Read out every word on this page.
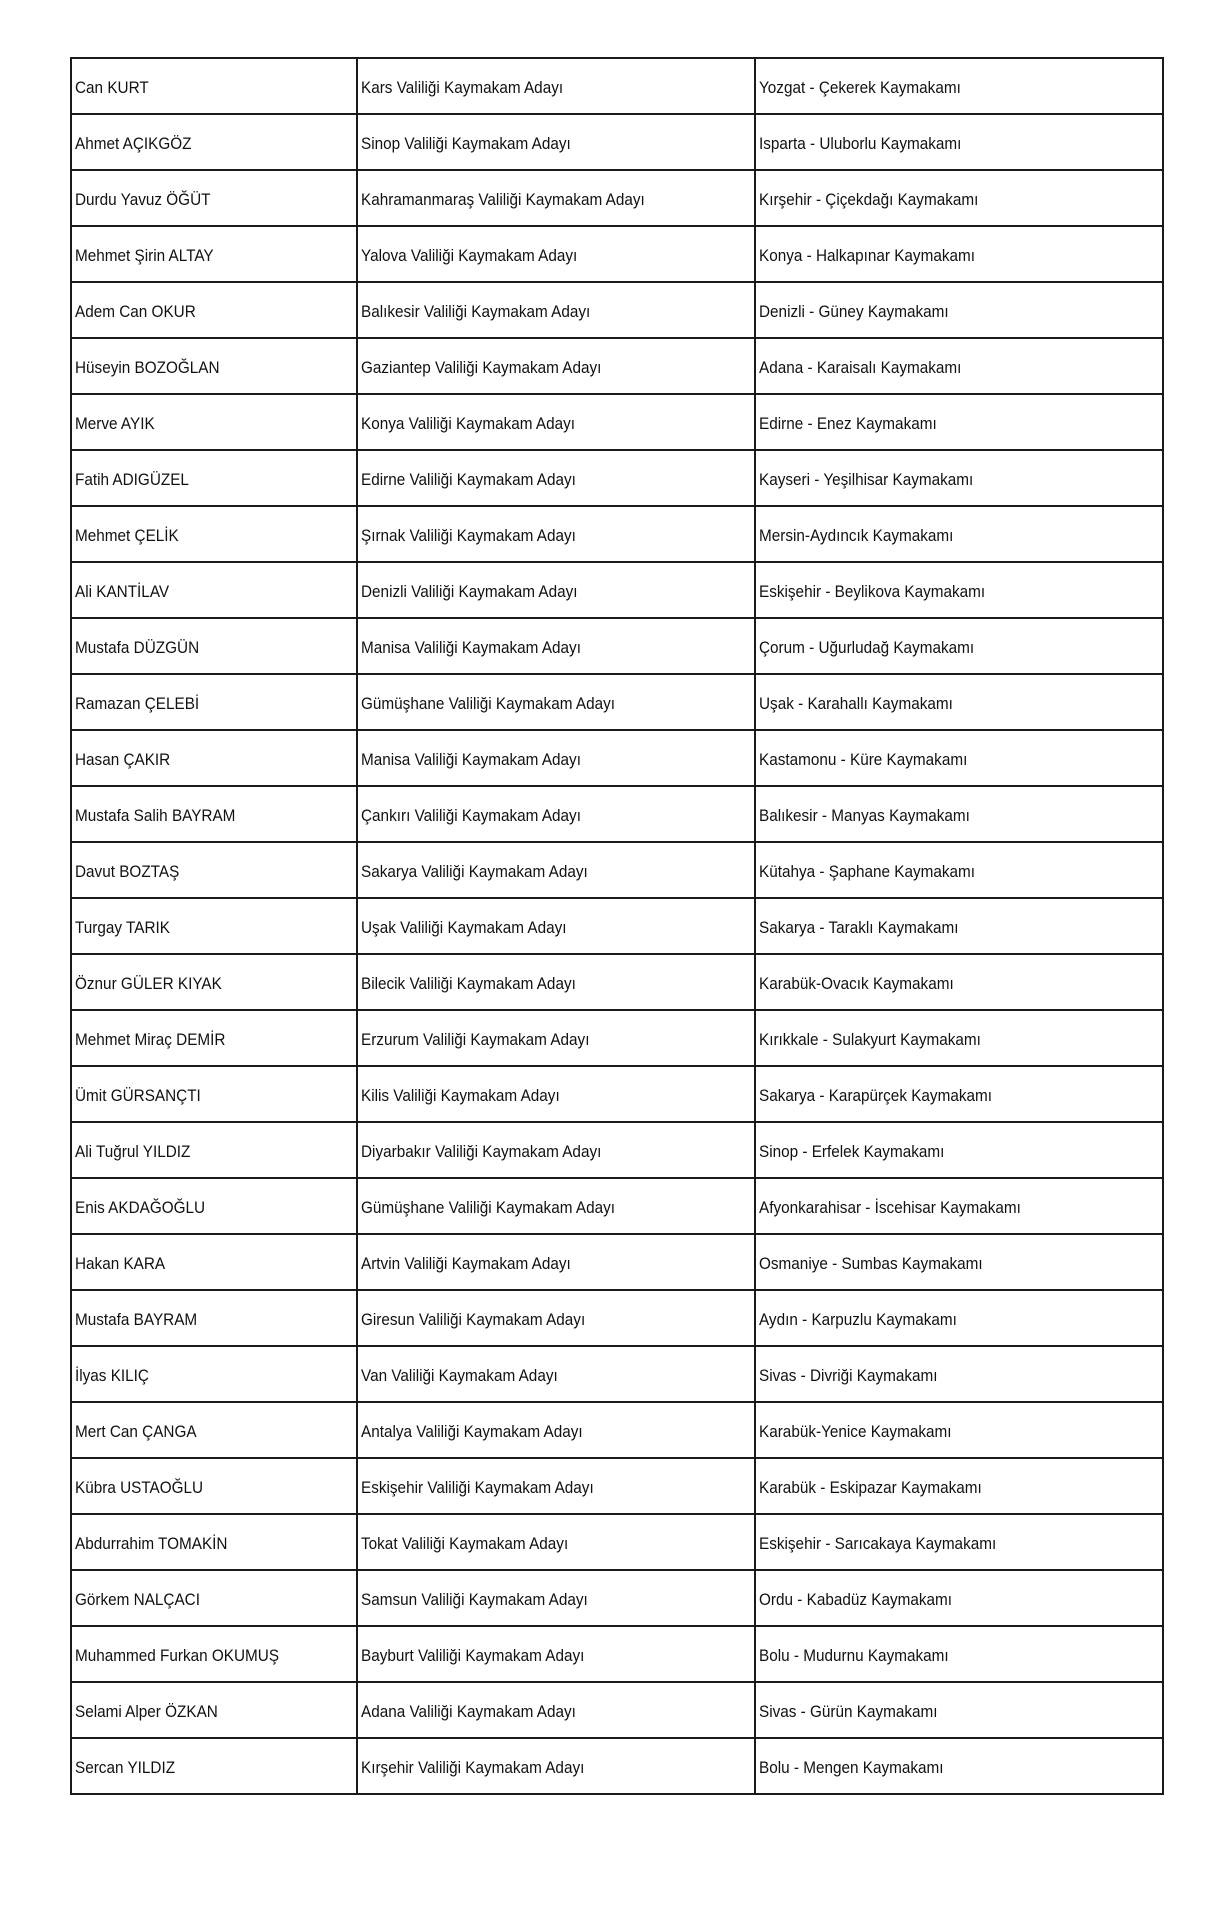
Can KURT	Kars Valiliği Kaymakam Adayı	Yozgat - Çekerek Kaymakamı
Ahmet AÇIKGÖZ	Sinop Valiliği Kaymakam Adayı	Isparta - Uluborlu Kaymakamı
Durdu Yavuz ÖĞÜT	Kahramanmaraş Valiliği Kaymakam Adayı	Kırşehir - Çiçekdağı Kaymakamı
Mehmet Şirin ALTAY	Yalova Valiliği Kaymakam Adayı	Konya - Halkapınar Kaymakamı
Adem Can OKUR	Balıkesir Valiliği Kaymakam Adayı	Denizli - Güney Kaymakamı
Hüseyin BOZOĞLAN	Gaziantep Valiliği Kaymakam Adayı	Adana - Karaisalı Kaymakamı
Merve AYIK	Konya Valiliği Kaymakam Adayı	Edirne - Enez Kaymakamı
Fatih ADIGÜZEL	Edirne Valiliği Kaymakam Adayı	Kayseri - Yeşilhisar Kaymakamı
Mehmet ÇELİK	Şırnak Valiliği Kaymakam Adayı	Mersin-Aydıncık Kaymakamı
Ali KANTİLAV	Denizli Valiliği Kaymakam Adayı	Eskişehir - Beylikova Kaymakamı
Mustafa DÜZGÜN	Manisa Valiliği Kaymakam Adayı	Çorum - Uğurludağ Kaymakamı
Ramazan ÇELEBİ	Gümüşhane Valiliği Kaymakam Adayı	Uşak - Karahallı Kaymakamı
Hasan ÇAKIR	Manisa Valiliği Kaymakam Adayı	Kastamonu - Küre Kaymakamı
Mustafa Salih BAYRAM	Çankırı Valiliği Kaymakam Adayı	Balıkesir - Manyas Kaymakamı
Davut BOZTAŞ	Sakarya Valiliği Kaymakam Adayı	Kütahya - Şaphane Kaymakamı
Turgay TARIK	Uşak Valiliği Kaymakam Adayı	Sakarya - Taraklı Kaymakamı
Öznur GÜLER KIYAK	Bilecik Valiliği Kaymakam Adayı	Karabük-Ovacık Kaymakamı
Mehmet Miraç DEMİR	Erzurum Valiliği Kaymakam Adayı	Kırıkkale - Sulakyurt Kaymakamı
Ümit GÜRSANÇTI	Kilis Valiliği Kaymakam Adayı	Sakarya - Karapürçek Kaymakamı
Ali Tuğrul YILDIZ	Diyarbakır Valiliği Kaymakam Adayı	Sinop - Erfelek Kaymakamı
Enis AKDAĞOĞLU	Gümüşhane Valiliği Kaymakam Adayı	Afyonkarahisar - İscehisar Kaymakamı
Hakan KARA	Artvin Valiliği Kaymakam Adayı	Osmaniye - Sumbas Kaymakamı
Mustafa BAYRAM	Giresun Valiliği Kaymakam Adayı	Aydın - Karpuzlu Kaymakamı
İlyas KILIÇ	Van Valiliği Kaymakam Adayı	Sivas - Divriği Kaymakamı
Mert Can ÇANGA	Antalya Valiliği Kaymakam Adayı	Karabük-Yenice Kaymakamı
Kübra USTAOĞLU	Eskişehir Valiliği Kaymakam Adayı	Karabük - Eskipazar Kaymakamı
Abdurrahim TOMAKİN	Tokat Valiliği Kaymakam Adayı	Eskişehir - Sarıcakaya Kaymakamı
Görkem NALÇACI	Samsun Valiliği Kaymakam Adayı	Ordu - Kabadüz Kaymakamı
Muhammed Furkan OKUMUŞ	Bayburt Valiliği Kaymakam Adayı	Bolu - Mudurnu Kaymakamı
Selami Alper ÖZKAN	Adana Valiliği Kaymakam Adayı	Sivas - Gürün Kaymakamı
Sercan YILDIZ	Kırşehir Valiliği Kaymakam Adayı	Bolu - Mengen Kaymakamı
